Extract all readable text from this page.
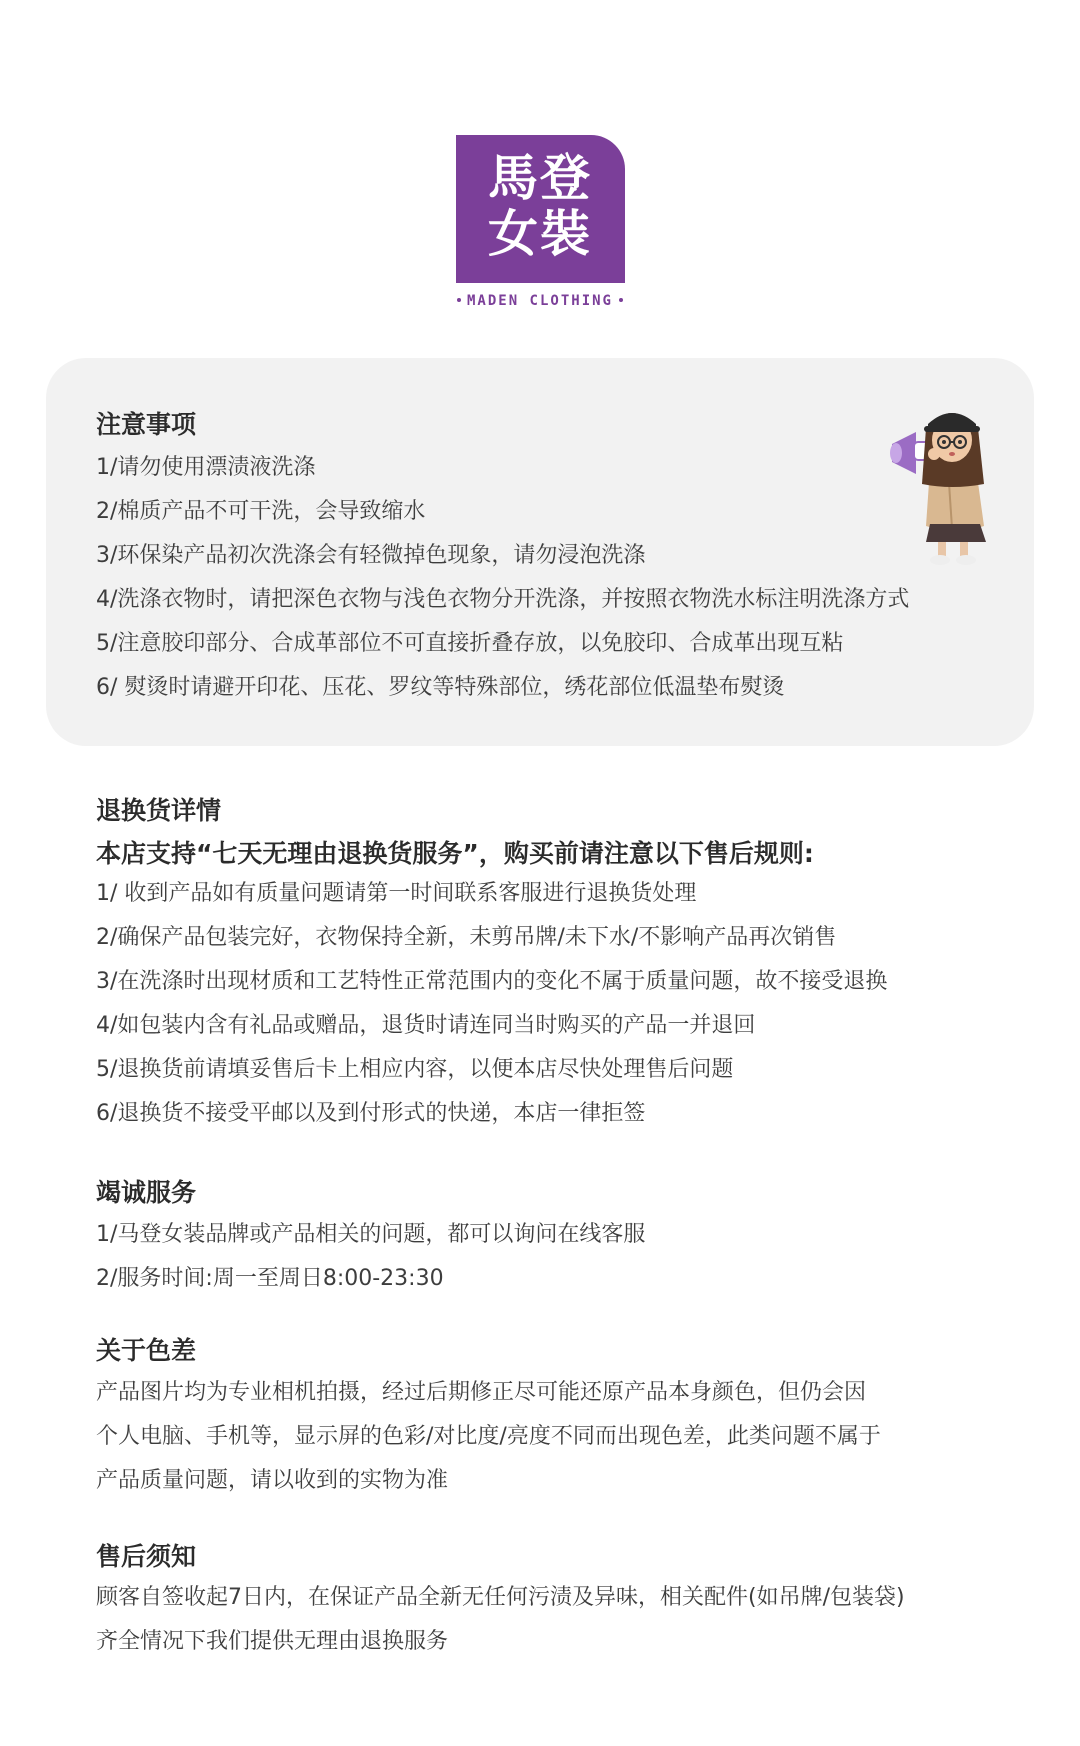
馬登
女裝
MADEN CLOTHING
注意事项
1/请勿使用漂渍液洗涤
2/棉质产品不可干洗，会导致缩水
3/环保染产品初次洗涤会有轻微掉色现象，请勿浸泡洗涤
4/洗涤衣物时，请把深色衣物与浅色衣物分开洗涤，并按照衣物洗水标注明洗涤方式
5/注意胶印部分、合成革部位不可直接折叠存放，以免胶印、合成革出现互粘
6/ 熨烫时请避开印花、压花、罗纹等特殊部位，绣花部位低温垫布熨烫
退换货详情
本店支持“七天无理由退换货服务”，购买前请注意以下售后规则:
1/ 收到产品如有质量问题请第一时间联系客服进行退换货处理
2/确保产品包装完好，衣物保持全新，未剪吊牌/未下水/不影响产品再次销售
3/在洗涤时出现材质和工艺特性正常范围内的变化不属于质量问题，故不接受退换
4/如包装内含有礼品或赠品，退货时请连同当时购买的产品一并退回
5/退换货前请填妥售后卡上相应内容，以便本店尽快处理售后问题
6/退换货不接受平邮以及到付形式的快递，本店一律拒签
竭诚服务
1/马登女装品牌或产品相关的问题，都可以询问在线客服
2/服务时间:周一至周日8:00-23:30
关于色差
产品图片均为专业相机拍摄，经过后期修正尽可能还原产品本身颜色，但仍会因
个人电脑、手机等，显示屏的色彩/对比度/亮度不同而出现色差，此类问题不属于
产品质量问题，请以收到的实物为准
售后须知
顾客自签收起7日内，在保证产品全新无任何污渍及异味，相关配件(如吊牌/包装袋)
齐全情况下我们提供无理由退换服务
